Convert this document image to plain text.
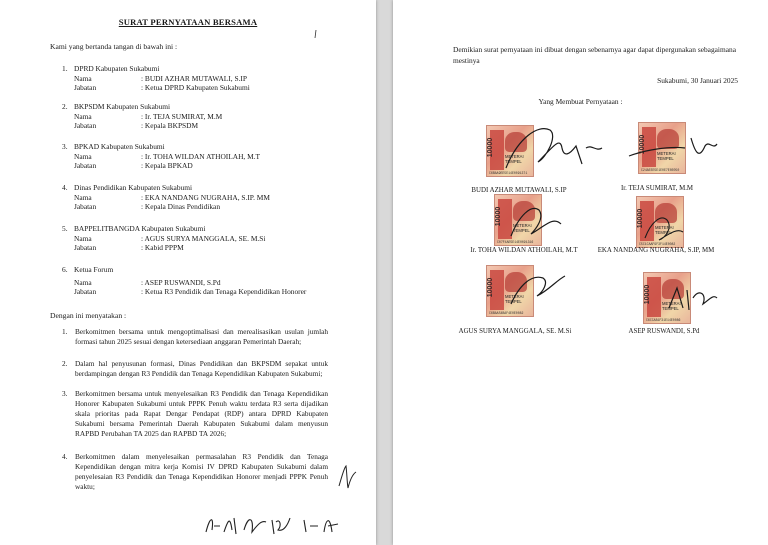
SURAT PERNYATAAN BERSAMA
Kami yang bertanda tangan di bawah ini :
1. DPRD Kabupaten Sukabumi
Nama	: BUDI AZHAR MUTAWALI, S.IP
Jabatan	: Ketua DPRD Kabupaten Sukabumi
2. BKPSDM Kabupaten Sukabumi
Nama	: Ir. TEJA SUMIRAT, M.M
Jabatan	: Kepala BKPSDM
3. BPKAD Kabupaten Sukabumi
Nama	: Ir. TOHA WILDAN ATHOILAH, M.T
Jabatan	: Kepala BPKAD
4. Dinas Pendidikan Kabupaten Sukabumi
Nama	: EKA NANDANG NUGRAHA, S.IP. MM
Jabatan	: Kepala Dinas Pendidikan
5. BAPPELITBANGDA Kabupaten Sukabumi
Nama	: AGUS SURYA MANGGALA, SE. M.Si
Jabatan	: Kabid PPPM
6. Ketua Forum
Nama	: ASEP RUSWANDI, S.Pd
Jabatan	: Ketua R3 Pendidik dan Tenaga Kependidikan Honorer
Dengan ini menyatakan :
1. Berkomitmen bersama untuk mengoptimalisasi dan merealisasikan usulan jumlah formasi tahun 2025 sesuai dengan ketersediaan anggaran Pemerintah Daerah;
2. Dalam hal penyusunan formasi, Dinas Pendidikan dan BKPSDM sepakat untuk berdampingan dengan R3 Pendidik dan Tenaga Kependidikan Kabupaten Sukabumi;
3. Berkomitmen bersama untuk menyelesaikan R3 Pendidik dan Tenaga Kependidikan Honorer Kabupaten Sukabumi untuk PPPK Penuh waktu terdata R3 serta dijadikan skala prioritas pada Rapat Dengar Pendapat (RDP) antara DPRD Kabupaten Sukabumi bersama Pemerintah Daerah Kabupaten Sukabumi dalam menyusun RAPBD Perubahan TA 2025 dan RAPBD TA 2026;
4. Berkomitmen dalam menyelesaikan permasalahan R3 Pendidik dan Tenaga Kependidikan dengan mitra kerja Komisi IV DPRD Kabupaten Sukabumi dalam penyelesaian R3 Pendidik dan Tenaga Kependidikan Honorer menjadi PPPK Penuh waktu;
Demikian surat pernyataan ini dibuat dengan sebenarnya agar dapat dipergunakan sebagaimana mestinya
Sukabumi, 30 Januari 2025
Yang Membuat Pernyataan :
10000	METERAI TEMPEL
C6BAA9EE5E14E0091371
BUDI AZHAR MUTAWALI, S.IP
10000	METERAI TEMPEL
C24AEEE5E1E0E7E0E050
Ir. TEJA SUMIRAT, M.M
10000	METERAI TEMPEL
C07F4AE5E14E0091316
Ir. TOHA WILDAN ATHOILAH, M.T
10000	METERAI TEMPEL
C5C1CAAF9F3F14E0082
EKA NANDANG NUGRAHA, S.IP, MM
10000	METERAI TEMPEL
C6BAAS4BAF4E0E0082
AGUS SURYA MANGGALA, SE. M.Si
10000	METERAI TEMPEL
C6CCAB1F31E14E0086
ASEP RUSWANDI, S.Pd
